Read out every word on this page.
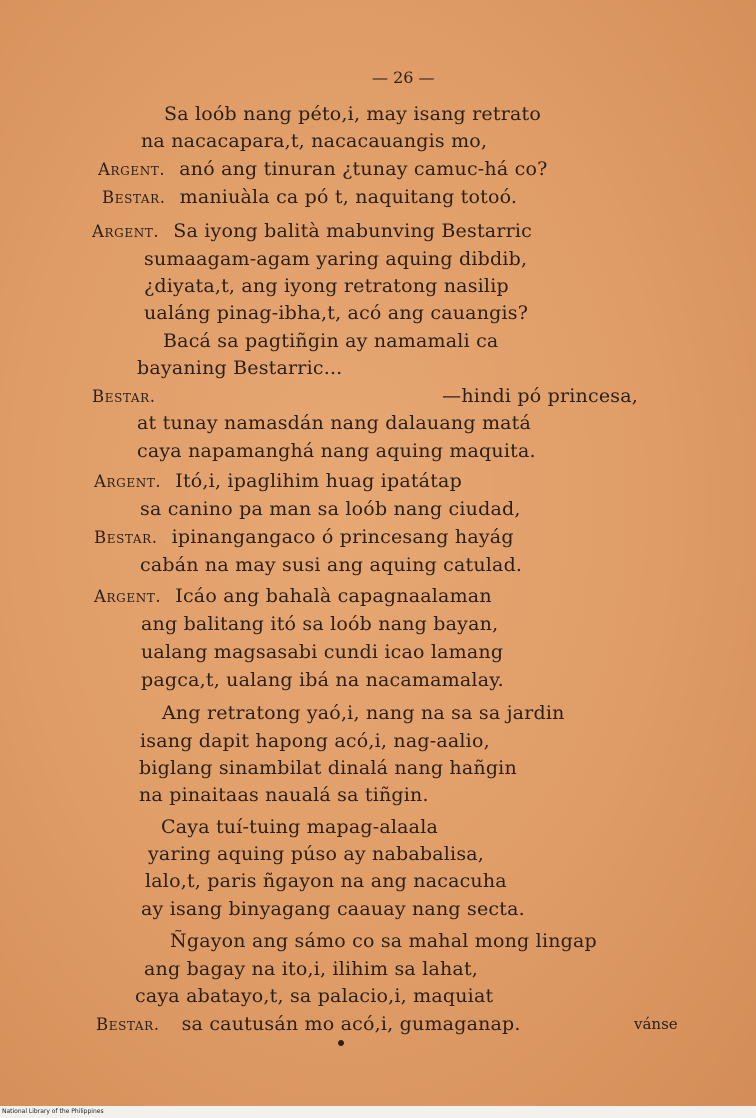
— 26 —
Sa loób nang péto,i, may isang retrato
na nacacapara,t, nacacauangis mo,
Argent. anó ang tinuran ¿tunay camuc-há co?
Bestar. maniuàla ca pó t, naquitang totoó.
Argent. Sa iyong balità mabunving Bestarric
sumaagam-agam yaring aquing dibdib,
¿diyata,t, ang iyong retratong nasilip
ualáng pinag-ibha,t, acó ang cauangis?
Bacá sa pagtiñgin ay namamali ca
bayaning Bestarric...
Bestar.	—hindi pó princesa,
at tunay namasdán nang dalauang matá
caya napamanghá nang aquing maquita.
Argent. Itó,i, ipaglihim huag ipatátap
sa canino pa man sa loób nang ciudad,
Bestar. ipinangangaco ó princesang hayág
cabán na may susi ang aquing catulad.
Argent. Icáo ang bahalà capagnaalaman
ang balitang itó sa loób nang bayan,
ualang magsasabi cundi icao lamang
pagca,t, ualang ibá na nacamamalay.
Ang retratong yaó,i, nang na sa sa jardin
isang dapit hapong acó,i, nag-aalio,
biglang sinambilat dinalá nang hañgin
na pinaitaas naualá sa tiñgin.
Caya tuí-tuing mapag-alaala
yaring aquing púso ay nababalisa,
lalo,t, paris ñgayon na ang nacacuha
ay isang binyagang caauay nang secta.
Ñgayon ang sámo co sa mahal mong lingap
ang bagay na ito,i, ilihim sa lahat,
caya abatayo,t, sa palacio,i, maquiat
Bestar. sa cautusán mo acó,i, gumaganap.	vánse
National Library of the Philippines
